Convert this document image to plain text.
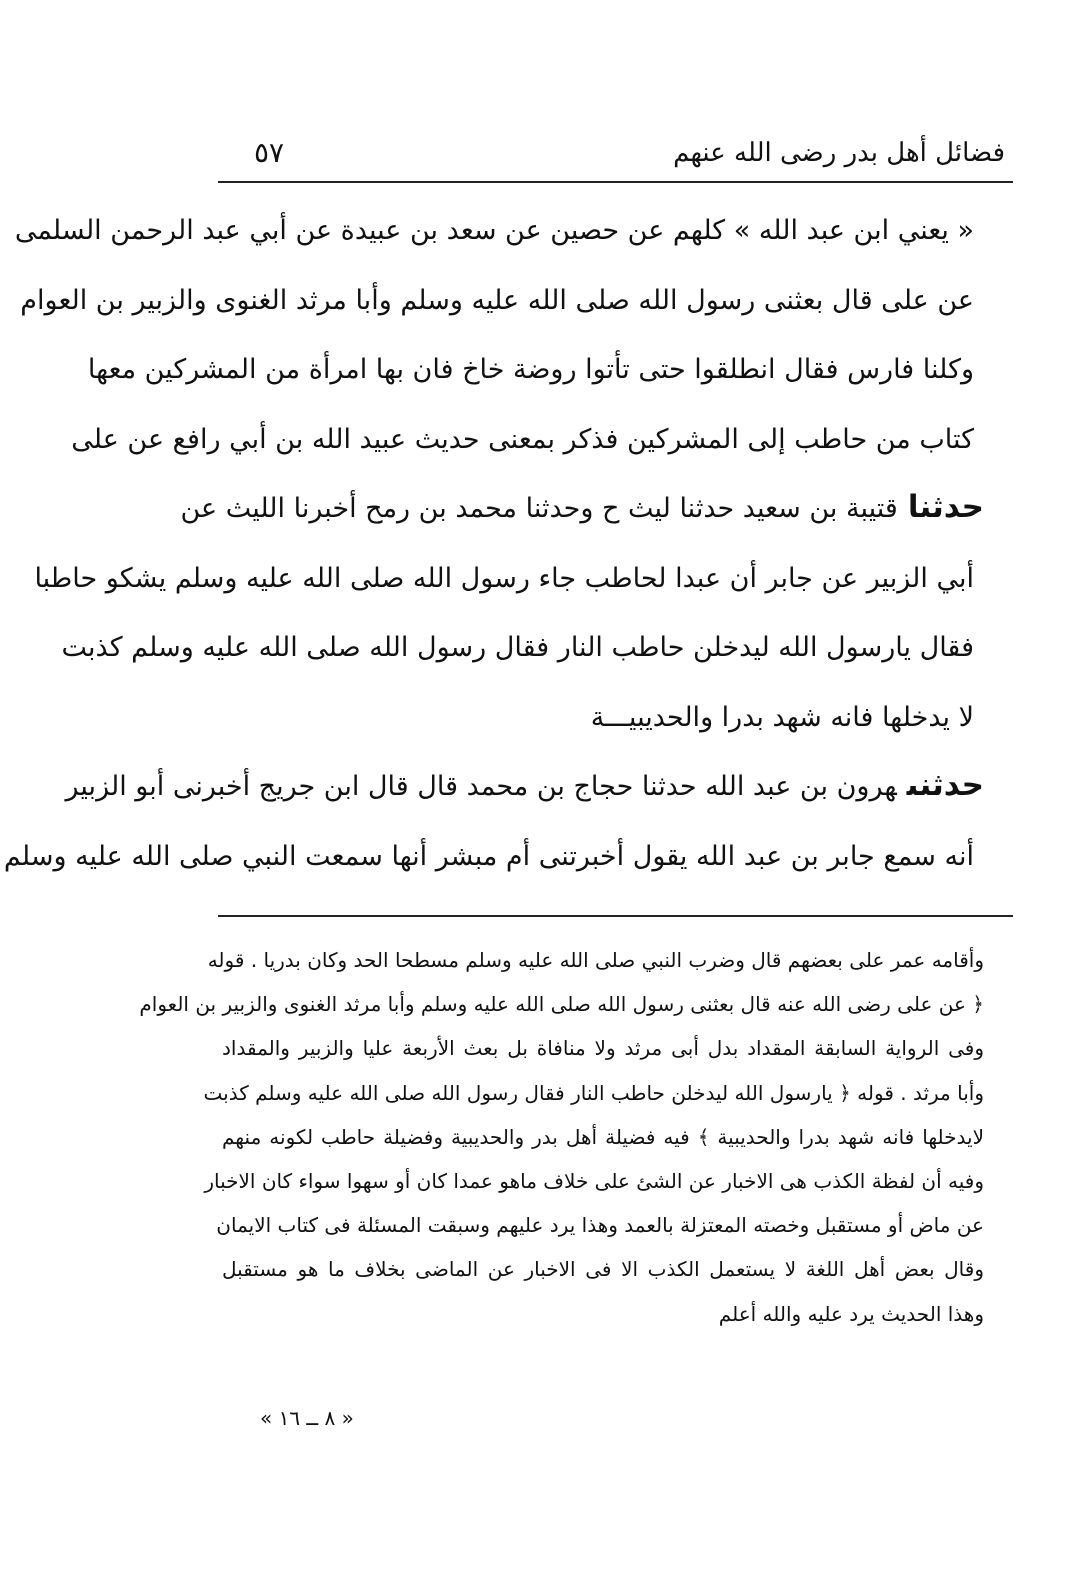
فضائل أهل بدر رضى الله عنهم
٥٧
« يعني ابن عبد الله » كلهم عن حصين عن سعد بن عبيدة عن أبي عبد الرحمن السلمى
عن على قال بعثنى رسول الله صلى الله عليه وسلم وأبا مرثد الغنوى والزبير بن العوام
وكلنا فارس فقال انطلقوا حتى تأتوا روضة خاخ فان بها امرأة من المشركين معها
كتاب من حاطب إلى المشركين فذكر بمعنى حديث عبيد الله بن أبي رافع عن على
حدثناقتيبة بن سعيد حدثنا ليث ح وحدثنا محمد بن رمح أخبرنا الليث عن
أبي الزبير عن جابر أن عبدا لحاطب جاء رسول الله صلى الله عليه وسلم يشكو حاطبا
فقال يارسول الله ليدخلن حاطب النار فقال رسول الله صلى الله عليه وسلم كذبت
لا يدخلها فانه شهد بدرا والحديبيـــة
حدثنىهرون بن عبد الله حدثنا حجاج بن محمد قال قال ابن جريج أخبرنى أبو الزبير
أنه سمع جابر بن عبد الله يقول أخبرتنى أم مبشر أنها سمعت النبي صلى الله عليه وسلم
وأقامه عمر على بعضهم قال وضرب النبي صلى الله عليه وسلم مسطحا الحد وكان بدريا . قوله
﴿ عن على رضى الله عنه قال بعثنى رسول الله صلى الله عليه وسلم وأبا مرثد الغنوى والزبير بن العوام
وفى الرواية السابقة المقداد بدل أبى مرثد ولا منافاة بل بعث الأربعة عليا والزبير والمقداد
وأبا مرثد . قوله ﴿ يارسول الله ليدخلن حاطب النار فقال رسول الله صلى الله عليه وسلم كذبت
لايدخلها فانه شهد بدرا والحديبية ﴾ فيه فضيلة أهل بدر والحديبية وفضيلة حاطب لكونه منهم
وفيه أن لفظة الكذب هى الاخبار عن الشئ على خلاف ماهو عمدا كان أو سهوا سواء كان الاخبار
عن ماض أو مستقبل وخصته المعتزلة بالعمد وهذا يرد عليهم وسبقت المسئلة فى كتاب الايمان
وقال بعض أهل اللغة لا يستعمل الكذب الا فى الاخبار عن الماضى بخلاف ما هو مستقبل
وهذا الحديث يرد عليه والله أعلم
« ٨ ــ ١٦ »
